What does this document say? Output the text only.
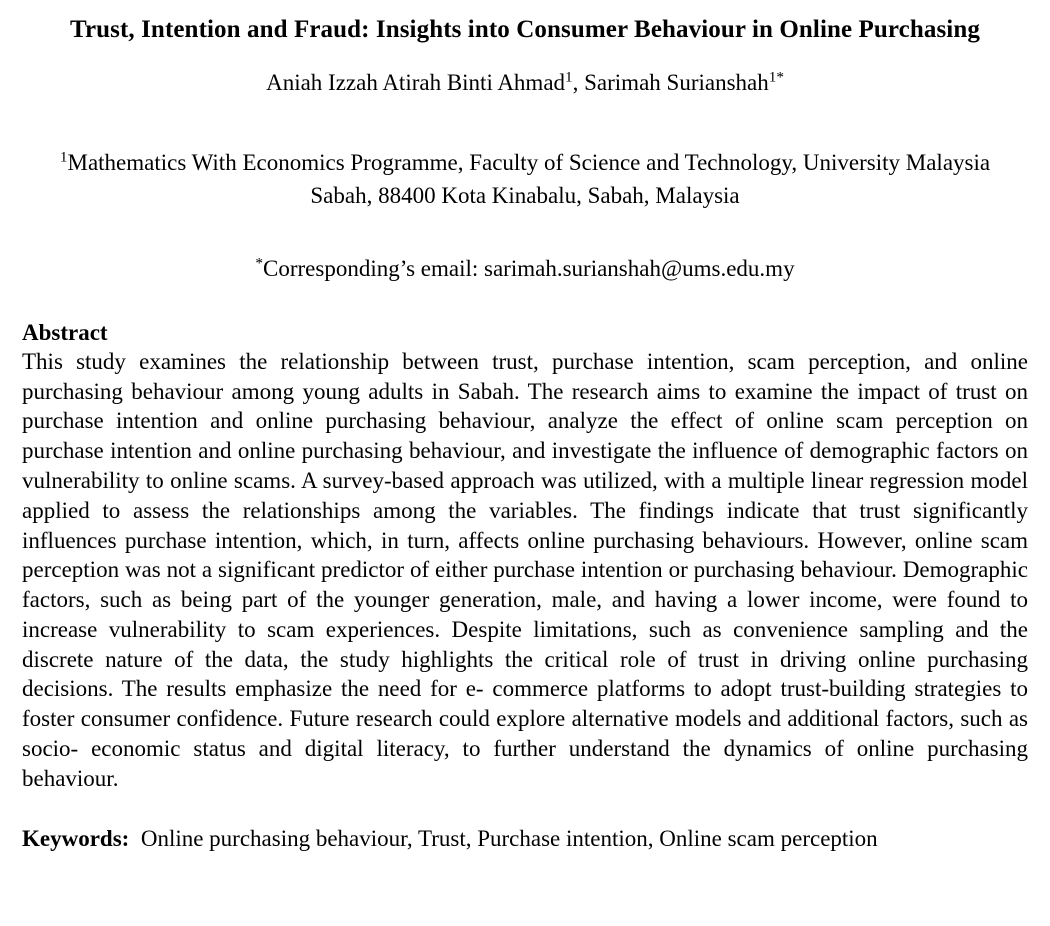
Trust, Intention and Fraud: Insights into Consumer Behaviour in Online Purchasing
Aniah Izzah Atirah Binti Ahmad$^1$, Sarimah Surianshah$^{1*}$
$^1$Mathematics With Economics Programme, Faculty of Science and Technology, University Malaysia Sabah, 88400 Kota Kinabalu, Sabah, Malaysia
*Corresponding’s email: sarimah.surianshah@ums.edu.my
Abstract

This study examines the relationship between trust, purchase intention, scam perception, and online purchasing behaviour among young adults in Sabah. The research aims to examine the impact of trust on purchase intention and online purchasing behaviour, analyze the effect of online scam perception on purchase intention and online purchasing behaviour, and investigate the influence of demographic factors on vulnerability to online scams. A survey-based approach was utilized, with a multiple linear regression model applied to assess the relationships among the variables. The findings indicate that trust significantly influences purchase intention, which, in turn, affects online purchasing behaviours. However, online scam perception was not a significant predictor of either purchase intention or purchasing behaviour. Demographic factors, such as being part of the younger generation, male, and having a lower income, were found to increase vulnerability to scam experiences. Despite limitations, such as convenience sampling and the discrete nature of the data, the study highlights the critical role of trust in driving online purchasing decisions. The results emphasize the need for e- commerce platforms to adopt trust-building strategies to foster consumer confidence. Future research could explore alternative models and additional factors, such as socio- economic status and digital literacy, to further understand the dynamics of online purchasing behaviour.

Keywords: Online purchasing behaviour, Trust, Purchase intention, Online scam perception
